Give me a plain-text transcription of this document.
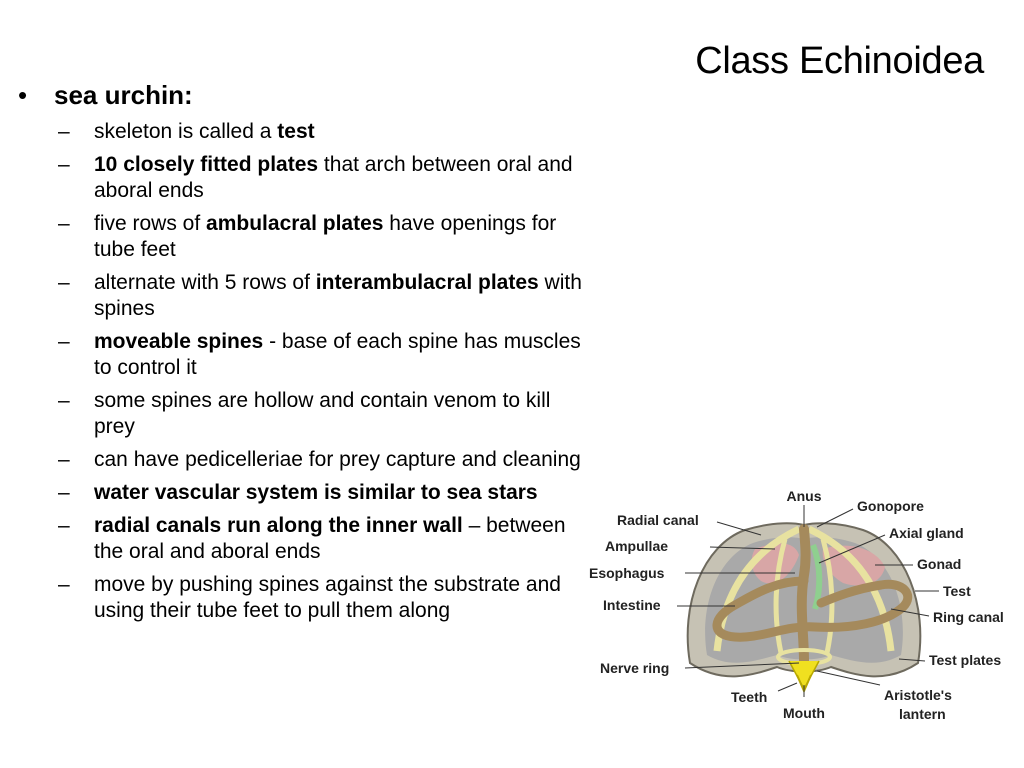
Class Echinoidea
•	sea urchin:
–	skeleton is called a test
–	10 closely fitted plates that arch between oral and aboral ends
–	five rows of ambulacral plates have openings for tube feet
–	alternate with 5 rows of interambulacral plates with spines
–	moveable spines - base of each spine has muscles to control it
–	some spines are hollow and contain venom to kill prey
–	can have pedicelleriae for prey capture and cleaning
–	water vascular system is similar to sea stars
–	radial canals run along the inner wall – between the oral and aboral ends
–	move by pushing spines against the substrate and using their tube feet to pull them along
Anus
Gonopore
Radial canal
Axial gland
Ampullae
Gonad
Esophagus
Test
Intestine
Ring canal
Nerve ring	Test plates
Teeth
Mouth
Aristotle's
lantern
